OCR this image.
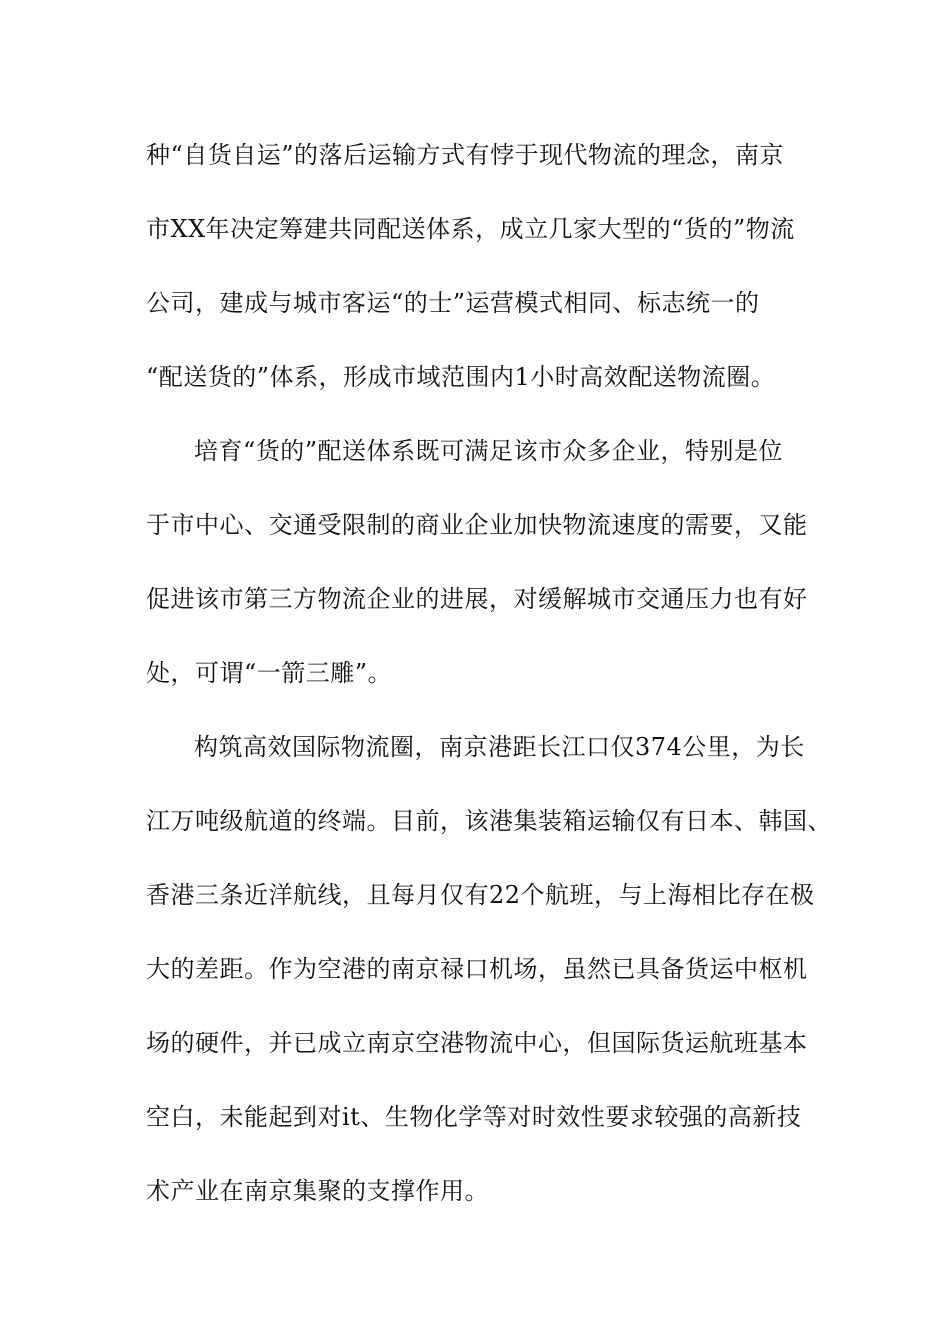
种“自货自运”的落后运输方式有悖于现代物流的理念，南京
市XX年决定筹建共同配送体系，成立几家大型的“货的”物流
公司，建成与城市客运“的士”运营模式相同、标志统一的
“配送货的”体系，形成市域范围内1小时高效配送物流圈。
培育“货的”配送体系既可满足该市众多企业，特别是位
于市中心、交通受限制的商业企业加快物流速度的需要，又能
促进该市第三方物流企业的进展，对缓解城市交通压力也有好
处，可谓“一箭三雕”。
构筑高效国际物流圈，南京港距长江口仅374公里，为长
江万吨级航道的终端。目前，该港集装箱运输仅有日本、韩国、
香港三条近洋航线，且每月仅有22个航班，与上海相比存在极
大的差距。作为空港的南京禄口机场，虽然已具备货运中枢机
场的硬件，并已成立南京空港物流中心，但国际货运航班基本
空白，未能起到对it、生物化学等对时效性要求较强的高新技
术产业在南京集聚的支撑作用。
